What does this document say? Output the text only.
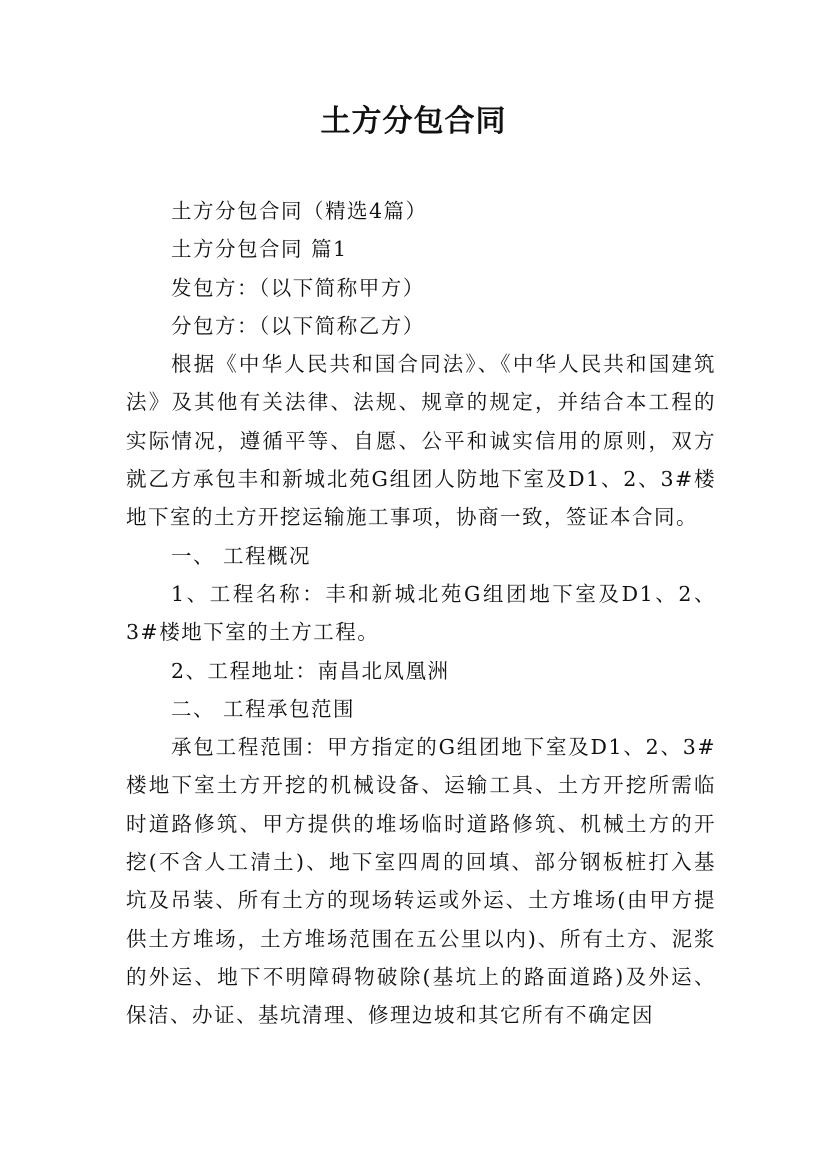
土方分包合同

土方分包合同（精选4篇）

土方分包合同 篇1

发包方：（以下简称甲方）

分包方：（以下简称乙方）

根据《中华人民共和国合同法》、《中华人民共和国建筑法》及其他有关法律、法规、规章的规定，并结合本工程的实际情况，遵循平等、自愿、公平和诚实信用的原则，双方就乙方承包丰和新城北苑G组团人防地下室及D1、2、3#楼地下室的土方开挖运输施工事项，协商一致，签证本合同。

一、 工程概况

1、工程名称：丰和新城北苑G组团地下室及D1、2、3#楼地下室的土方工程。

2、工程地址：南昌北凤凰洲

二、 工程承包范围

承包工程范围：甲方指定的G组团地下室及D1、2、3#楼地下室土方开挖的机械设备、运输工具、土方开挖所需临时道路修筑、甲方提供的堆场临时道路修筑、机械土方的开挖(不含人工清土)、地下室四周的回填、部分钢板桩打入基坑及吊装、所有土方的现场转运或外运、土方堆场(由甲方提供土方堆场，土方堆场范围在五公里以内)、所有土方、泥浆的外运、地下不明障碍物破除(基坑上的路面道路)及外运、保洁、办证、基坑清理、修理边坡和其它所有不确定因
